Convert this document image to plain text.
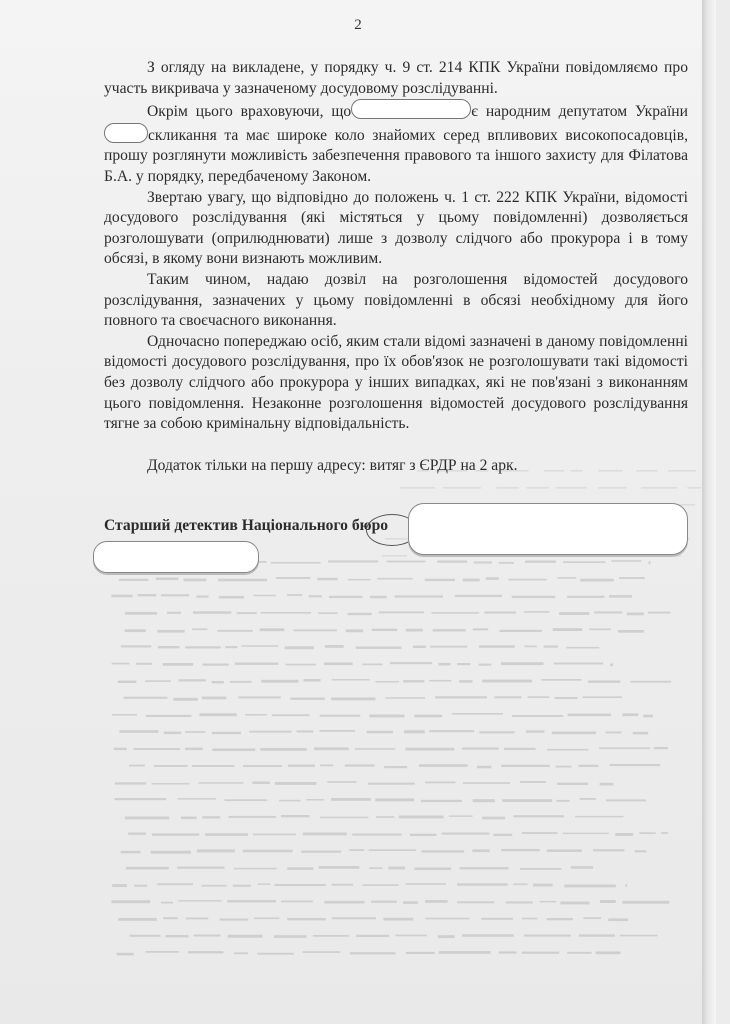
2

З огляду на викладене, у порядку ч. 9 ст. 214 КПК України повідомляємо про участь викривача у зазначеному досудовому розслідуванні.

Окрім цього враховуючи, що	є народним депутатом Українискликання та має широке коло знайомих серед впливових високопосадовців, прошу розглянути можливість забезпечення правового та іншого захисту для Філатова Б.А. у порядку, передбаченому Законом.

Звертаю увагу, що відповідно до положень ч. 1 ст. 222 КПК України, відомості досудового розслідування (які містяться у цьому повідомленні) дозволяється розголошувати (оприлюднювати) лише з дозволу слідчого або прокурора і в тому обсязі, в якому вони визнають можливим.

Таким чином, надаю дозвіл на розголошення відомостей досудового розслідування, зазначених у цьому повідомленні в обсязі необхідному для його повного та своєчасного виконання.

Одночасно попереджаю осіб, яким стали відомі зазначені в даному повідомленні відомості досудового розслідування, про їх обов'язок не розголошувати такі відомості без дозволу слідчого або прокурора у інших випадках, які не пов'язані з виконанням цього повідомлення. Незаконне розголошення відомостей досудового розслідування тягне за собою кримінальну відповідальність.

Додаток тільки на першу адресу: витяг з ЄРДР на 2 арк.

Старший детектив Національного бюро
